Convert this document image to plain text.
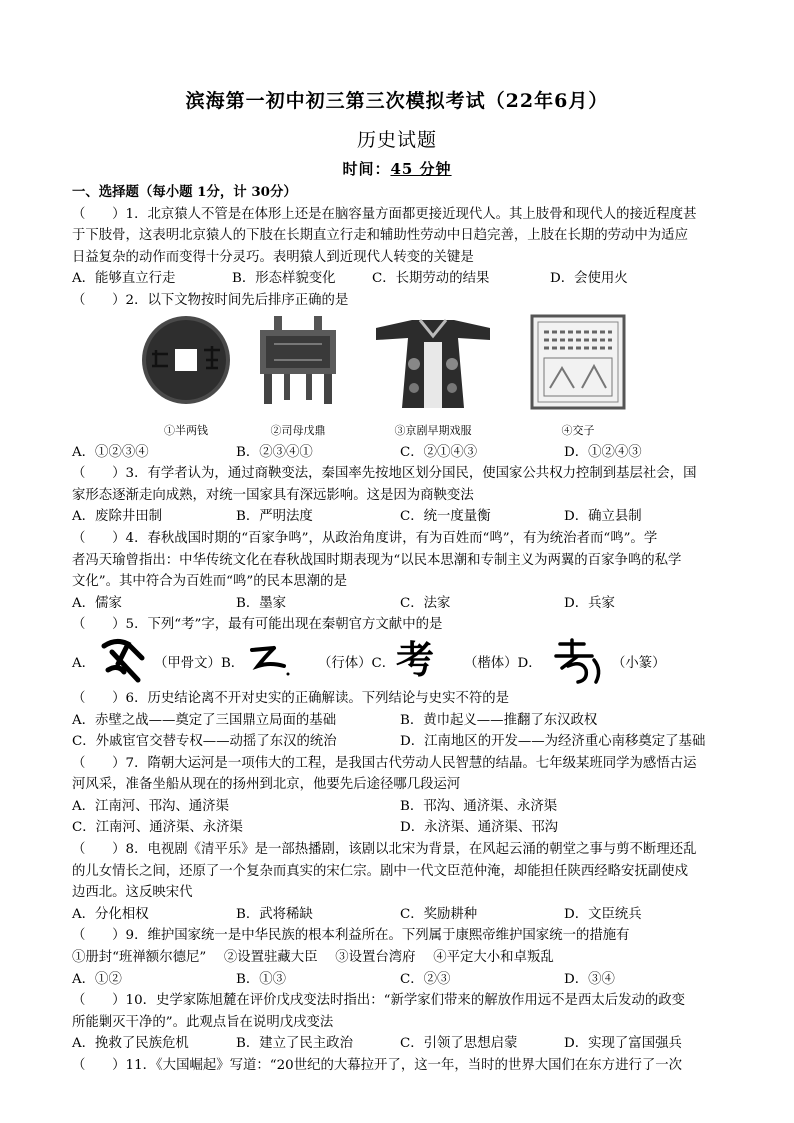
滨海第一初中初三第三次模拟考试（22年6月）
历史试题
时间：45 分钟
一、选择题（每小题 1分，计 30分）
（　　）1．北京猿人不管是在体形上还是在脑容量方面都更接近现代人。其上肢骨和现代人的接近程度甚
于下肢骨，这表明北京猿人的下肢在长期直立行走和辅助性劳动中日趋完善，上肢在长期的劳动中为适应
日益复杂的动作而变得十分灵巧。表明猿人到近现代人转变的关键是
A．能够直立行走	B．形态样貌变化	C．长期劳动的结果	D．会使用火
（　　）2．以下文物按时间先后排序正确的是
①半两钱	②司母戊鼎	③京剧早期戏服	④交子
A．①②③④	B．②③④①	C．②①④③	D．①②④③
（　　）3．有学者认为，通过商鞅变法，秦国率先按地区划分国民，使国家公共权力控制到基层社会，国
家形态逐渐走向成熟，对统一国家具有深远影响。这是因为商鞅变法
A．废除井田制	B．严明法度	C．统一度量衡	D．确立县制
（　　）4．春秋战国时期的“百家争鸣”，从政治角度讲，有为百姓而“鸣”，有为统治者而“鸣”。学
者冯天瑜曾指出：中华传统文化在春秋战国时期表现为“以民本思潮和专制主义为两翼的百家争鸣的私学
文化”。其中符合为百姓而“鸣”的民本思潮的是
A．儒家	B．墨家	C．法家	D．兵家
（　　）5．下列“考”字，最有可能出现在秦朝官方文献中的是
A．	（甲骨文）B．	（行体）C． 考 （楷体）D．	（小篆）
（　　）6．历史结论离不开对史实的正确解读。下列结论与史实不符的是
A．赤壁之战——奠定了三国鼎立局面的基础	B．黄巾起义——推翻了东汉政权
C．外戚宦官交替专权——动摇了东汉的统治	D．江南地区的开发——为经济重心南移奠定了基础
（　　）7．隋朝大运河是一项伟大的工程，是我国古代劳动人民智慧的结晶。七年级某班同学为感悟古运
河风采，准备坐船从现在的扬州到北京，他要先后途径哪几段运河
A．江南河、邗沟、通济渠	B．邗沟、通济渠、永济渠
C．江南河、通济渠、永济渠	D．永济渠、通济渠、邗沟
（　　）8．电视剧《清平乐》是一部热播剧，该剧以北宋为背景，在风起云涌的朝堂之事与剪不断理还乱
的儿女情长之间，还原了一个复杂而真实的宋仁宗。剧中一代文臣范仲淹，却能担任陕西经略安抚副使戍
边西北。这反映宋代
A．分化相权	B．武将稀缺	C．奖励耕种	D．文臣统兵
（　　）9．维护国家统一是中华民族的根本利益所在。下列属于康熙帝维护国家统一的措施有
①册封“班禅额尔德尼”　 ②设置驻藏大臣　 ③设置台湾府　 ④平定大小和卓叛乱
A．①②	B．①③	C．②③	D．③④
（　　）10．史学家陈旭麓在评价戊戌变法时指出：“新学家们带来的解放作用远不是西太后发动的政变
所能剿灭干净的”。此观点旨在说明戊戌变法
A．挽救了民族危机	B．建立了民主政治	C．引领了思想启蒙	D．实现了富国强兵
（　　）11．《大国崛起》写道：“20世纪的大幕拉开了，这一年，当时的世界大国们在东方进行了一次
